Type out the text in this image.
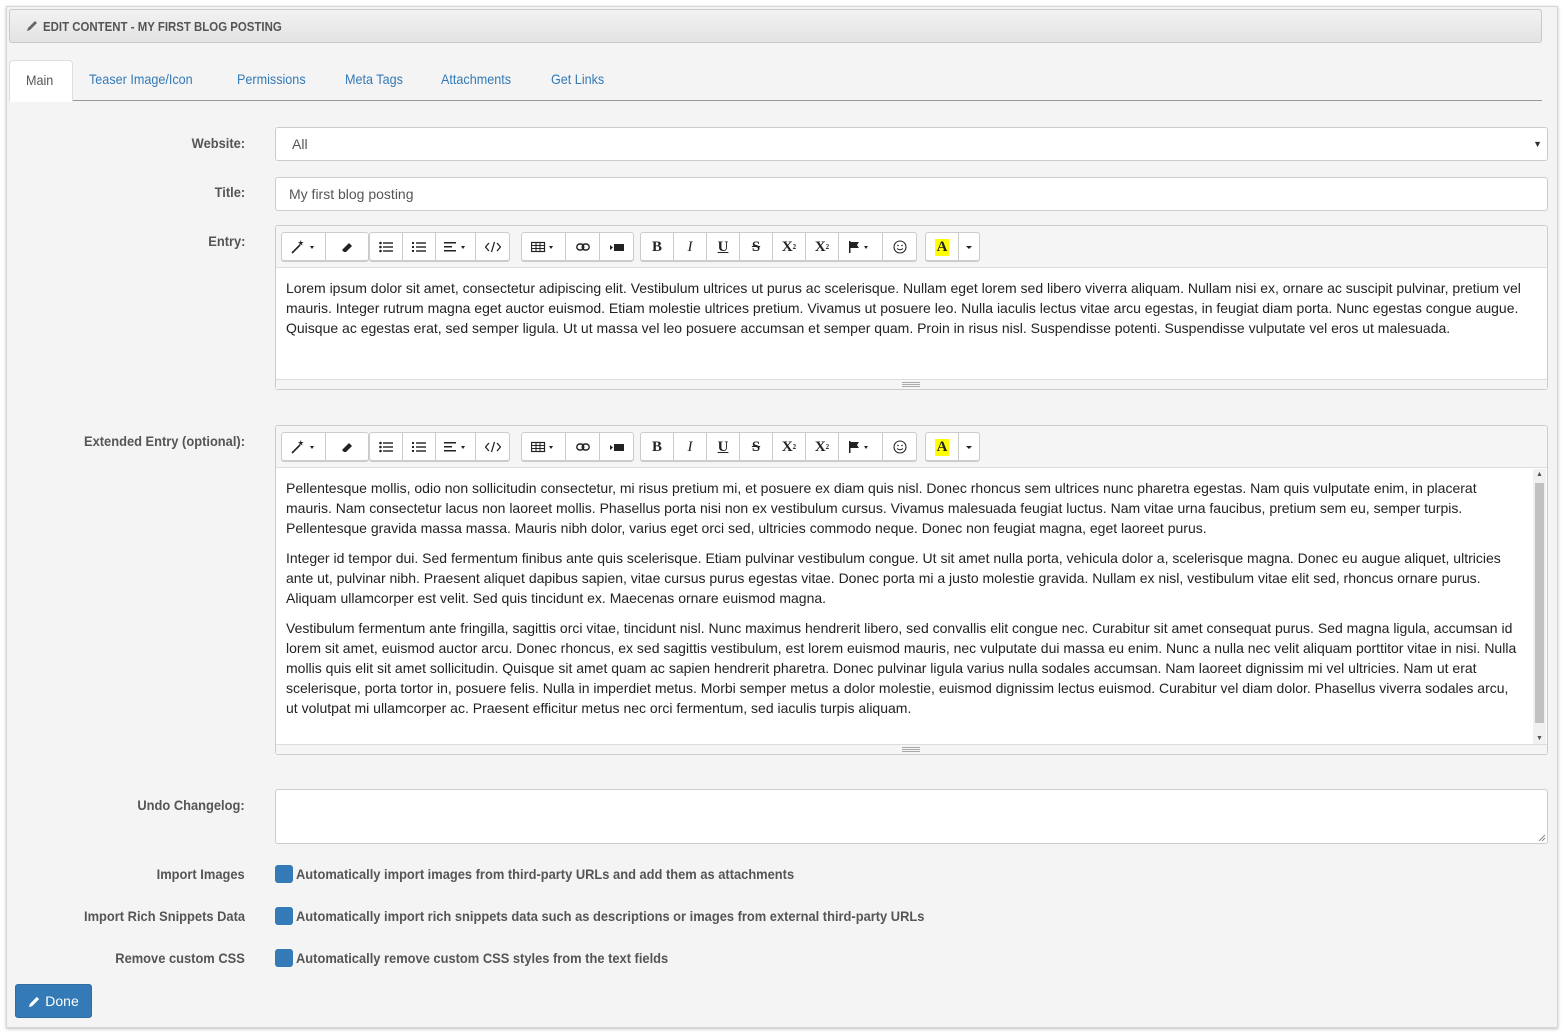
EDIT CONTENT - MY FIRST BLOG POSTING
Main	Teaser Image/Icon	Permissions	Meta Tags	Attachments	Get Links
Website:	All	▼
Title:	My first blog posting
Entry:	B	I	U	S	X 2	X 2	A

Lorem ipsum dolor sit amet, consectetur adipiscing elit. Vestibulum ultrices ut purus ac scelerisque. Nullam eget lorem sed libero viverra aliquam. Nullam nisi ex, ornare ac suscipit pulvinar, pretium vel mauris. Integer rutrum magna eget auctor euismod. Etiam molestie ultrices pretium. Vivamus ut posuere leo. Nulla iaculis lectus vitae arcu egestas, in feugiat diam porta. Nunc egestas congue augue. Quisque ac egestas erat, sed semper ligula. Ut ut massa vel leo posuere accumsan et semper quam. Proin in risus nisl. Suspendisse potenti. Suspendisse vulputate vel eros ut malesuada.

Extended Entry (optional):	B	I	U	S	X 2	X 2	A

Pellentesque mollis, odio non sollicitudin consectetur, mi risus pretium mi, et posuere ex diam quis nisl. Donec rhoncus sem ultrices nunc pharetra egestas. Nam quis vulputate enim, in placerat mauris. Nam consectetur lacus non laoreet mollis. Phasellus porta nisi non ex vestibulum cursus. Vivamus malesuada feugiat luctus. Nam vitae urna faucibus, pretium sem eu, semper turpis. Pellentesque gravida massa massa. Mauris nibh dolor, varius eget orci sed, ultricies commodo neque. Donec non feugiat magna, eget laoreet purus.

Integer id tempor dui. Sed fermentum finibus ante quis scelerisque. Etiam pulvinar vestibulum congue. Ut sit amet nulla porta, vehicula dolor a, scelerisque magna. Donec eu augue aliquet, ultricies ante ut, pulvinar nibh. Praesent aliquet dapibus sapien, vitae cursus purus egestas vitae. Donec porta mi a justo molestie gravida. Nullam ex nisl, vestibulum vitae elit sed, rhoncus ornare purus. Aliquam ullamcorper est velit. Sed quis tincidunt ex. Maecenas ornare euismod magna.

Vestibulum fermentum ante fringilla, sagittis orci vitae, tincidunt nisl. Nunc maximus hendrerit libero, sed convallis elit congue nec. Curabitur sit amet consequat purus. Sed magna ligula, accumsan id lorem sit amet, euismod auctor arcu. Donec rhoncus, ex sed sagittis vestibulum, est lorem euismod mauris, nec vulputate dui massa eu enim. Nunc a nulla nec velit aliquam porttitor vitae in nisi. Nulla mollis quis elit sit amet sollicitudin. Quisque sit amet quam ac sapien hendrerit pharetra. Donec pulvinar ligula varius nulla sodales accumsan. Nam laoreet dignissim mi vel ultricies. Nam ut erat scelerisque, porta tortor in, posuere felis. Nulla in imperdiet metus. Morbi semper metus a dolor molestie, euismod dignissim lectus euismod. Curabitur vel diam dolor. Phasellus viverra sodales arcu, ut volutpat mi ullamcorper ac. Praesent efficitur metus nec orci fermentum, sed iaculis turpis aliquam.

▲
▼
Undo Changelog:
Import Images	Automatically import images from third-party URLs and add them as attachments
Import Rich Snippets Data	Automatically import rich snippets data such as descriptions or images from external third-party URLs
Remove custom CSS	Automatically remove custom CSS styles from the text fields
Done
